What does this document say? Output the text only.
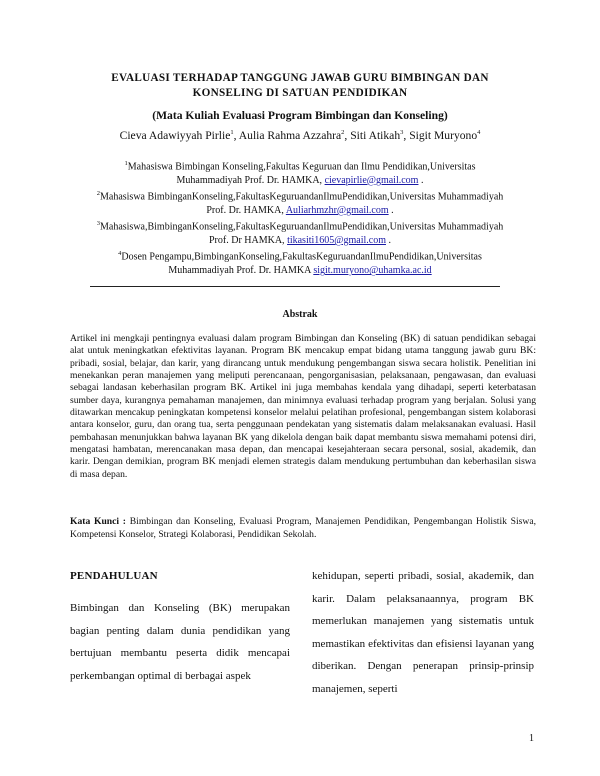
EVALUASI TERHADAP TANGGUNG JAWAB GURU BIMBINGAN DAN
KONSELING DI SATUAN PENDIDIKAN
(Mata Kuliah Evaluasi Program Bimbingan dan Konseling)
Cieva Adawiyyah Pirlie$^1$, Aulia Rahma Azzahra$^2$, Siti Atikah$^3$, Sigit Muryono$^4$
$^1$Mahasiswa Bimbingan Konseling,Fakultas Keguruan dan Ilmu Pendidikan,Universitas
Muhammadiyah Prof. Dr. HAMKA, cievapirlie@gmail.com .
$^2$Mahasiswa BimbinganKonseling,FakultasKeguruandanIlmuPendidikan,Universitas Muhammadiyah
Prof. Dr. HAMKA, Auliarhmzhr@gmail.com .
$^3$Mahasiswa,BimbinganKonseling,FakultasKeguruandanIlmuPendidikan,Universitas Muhammadiyah
Prof. Dr HAMKA, tikasiti1605@gmail.com .
$^4$Dosen Pengampu,BimbinganKonseling,FakultasKeguruandanIlmuPendidikan,Universitas
Muhammadiyah Prof. Dr. HAMKA sigit.muryono@uhamka.ac.id
Abstrak
Artikel ini mengkaji pentingnya evaluasi dalam program Bimbingan dan Konseling (BK) di satuan pendidikan sebagai alat untuk meningkatkan efektivitas layanan. Program BK mencakup empat bidang utama tanggung jawab guru BK: pribadi, sosial, belajar, dan karir, yang dirancang untuk mendukung pengembangan siswa secara holistik. Penelitian ini menekankan peran manajemen yang meliputi perencanaan, pengorganisasian, pelaksanaan, pengawasan, dan evaluasi sebagai landasan keberhasilan program BK. Artikel ini juga membahas kendala yang dihadapi, seperti keterbatasan sumber daya, kurangnya pemahaman manajemen, dan minimnya evaluasi terhadap program yang berjalan. Solusi yang ditawarkan mencakup peningkatan kompetensi konselor melalui pelatihan profesional, pengembangan sistem kolaborasi antara konselor, guru, dan orang tua, serta penggunaan pendekatan yang sistematis dalam melaksanakan evaluasi. Hasil pembahasan menunjukkan bahwa layanan BK yang dikelola dengan baik dapat membantu siswa memahami potensi diri, mengatasi hambatan, merencanakan masa depan, dan mencapai kesejahteraan secara personal, sosial, akademik, dan karir. Dengan demikian, program BK menjadi elemen strategis dalam mendukung pertumbuhan dan keberhasilan siswa di masa depan.
Kata Kunci : Bimbingan dan Konseling, Evaluasi Program, Manajemen Pendidikan, Pengembangan Holistik Siswa, Kompetensi Konselor, Strategi Kolaborasi, Pendidikan Sekolah.
PENDAHULUAN
Bimbingan dan Konseling (BK) merupakan bagian penting dalam dunia pendidikan yang bertujuan membantu peserta didik mencapai perkembangan optimal di berbagai aspek
kehidupan, seperti pribadi, sosial, akademik, dan karir. Dalam pelaksanaannya, program BK memerlukan manajemen yang sistematis untuk memastikan efektivitas dan efisiensi layanan yang diberikan. Dengan penerapan prinsip-prinsip manajemen, seperti
1
